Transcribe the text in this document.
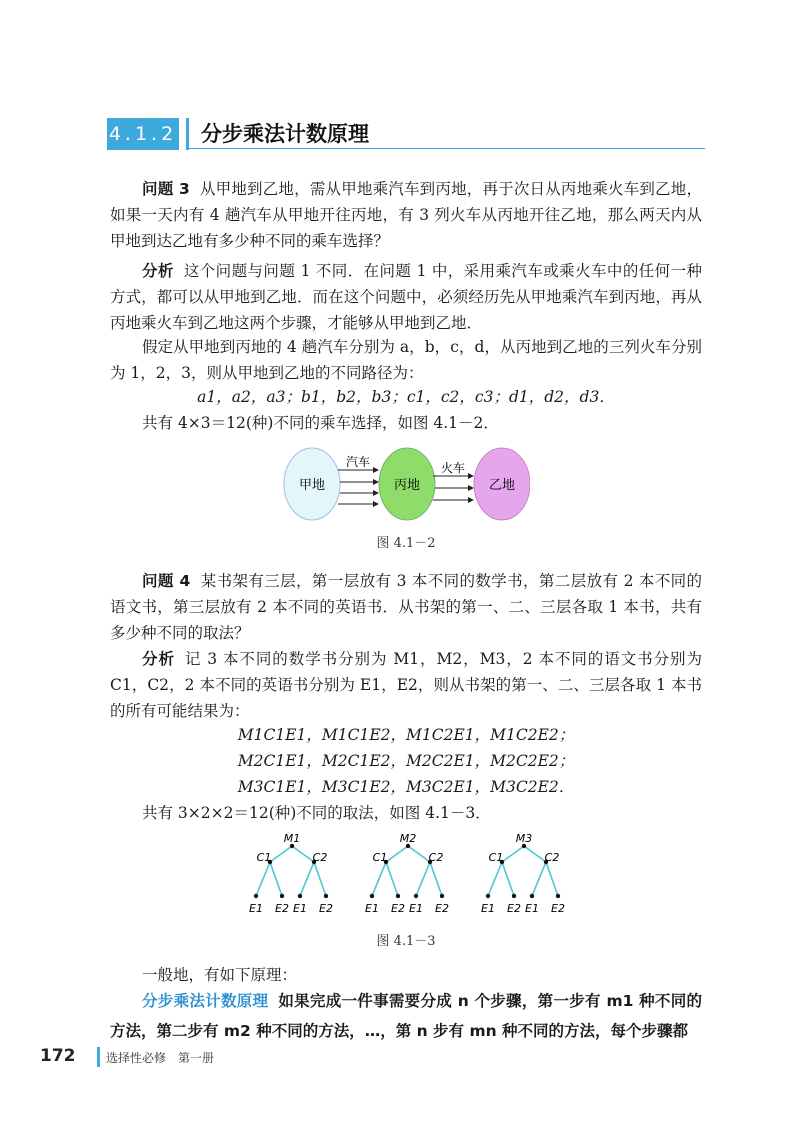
4.1.2 分步乘法计数原理
问题 3 从甲地到乙地，需从甲地乘汽车到丙地，再于次日从丙地乘火车到乙地，如果一天内有 4 趟汽车从甲地开往丙地，有 3 列火车从丙地开往乙地，那么两天内从甲地到达乙地有多少种不同的乘车选择？
分析 这个问题与问题 1 不同．在问题 1 中，采用乘汽车或乘火车中的任何一种方式，都可以从甲地到乙地．而在这个问题中，必须经历先从甲地乘汽车到丙地，再从丙地乘火车到乙地这两个步骤，才能够从甲地到乙地．
假定从甲地到丙地的 4 趟汽车分别为 a，b，c，d，从丙地到乙地的三列火车分别为 1，2，3，则从甲地到乙地的不同路径为：
a1，a2，a3；b1，b2，b3；c1，c2，c3；d1，d2，d3．
共有 4×3＝12(种)不同的乘车选择，如图 4.1－2．
甲地	丙地	乙地
汽车	火车
图 4.1－2
问题 4 某书架有三层，第一层放有 3 本不同的数学书，第二层放有 2 本不同的语文书，第三层放有 2 本不同的英语书．从书架的第一、二、三层各取 1 本书，共有多少种不同的取法？
分析 记 3 本不同的数学书分别为 M1，M2，M3，2 本不同的语文书分别为 C1，C2，2 本不同的英语书分别为 E1，E2，则从书架的第一、二、三层各取 1 本书的所有可能结果为：
M1C1E1，M1C1E2，M1C2E1，M1C2E2；
M2C1E1，M2C1E2，M2C2E1，M2C2E2；
M3C1E1，M3C1E2，M3C2E1，M3C2E2．
共有 3×2×2＝12(种)不同的取法，如图 4.1－3．
M1
C1	C2
E1 E2 E1 E2
M2
C1	C2
E1 E2 E1 E2
M3
C1	C2
E1 E2 E1 E2
图 4.1－3
一般地，有如下原理：
分步乘法计数原理 如果完成一件事需要分成 n 个步骤，第一步有 m1 种不同的方法，第二步有 m2 种不同的方法，…，第 n 步有 mn 种不同的方法，每个步骤都
172	选择性必修　第一册
